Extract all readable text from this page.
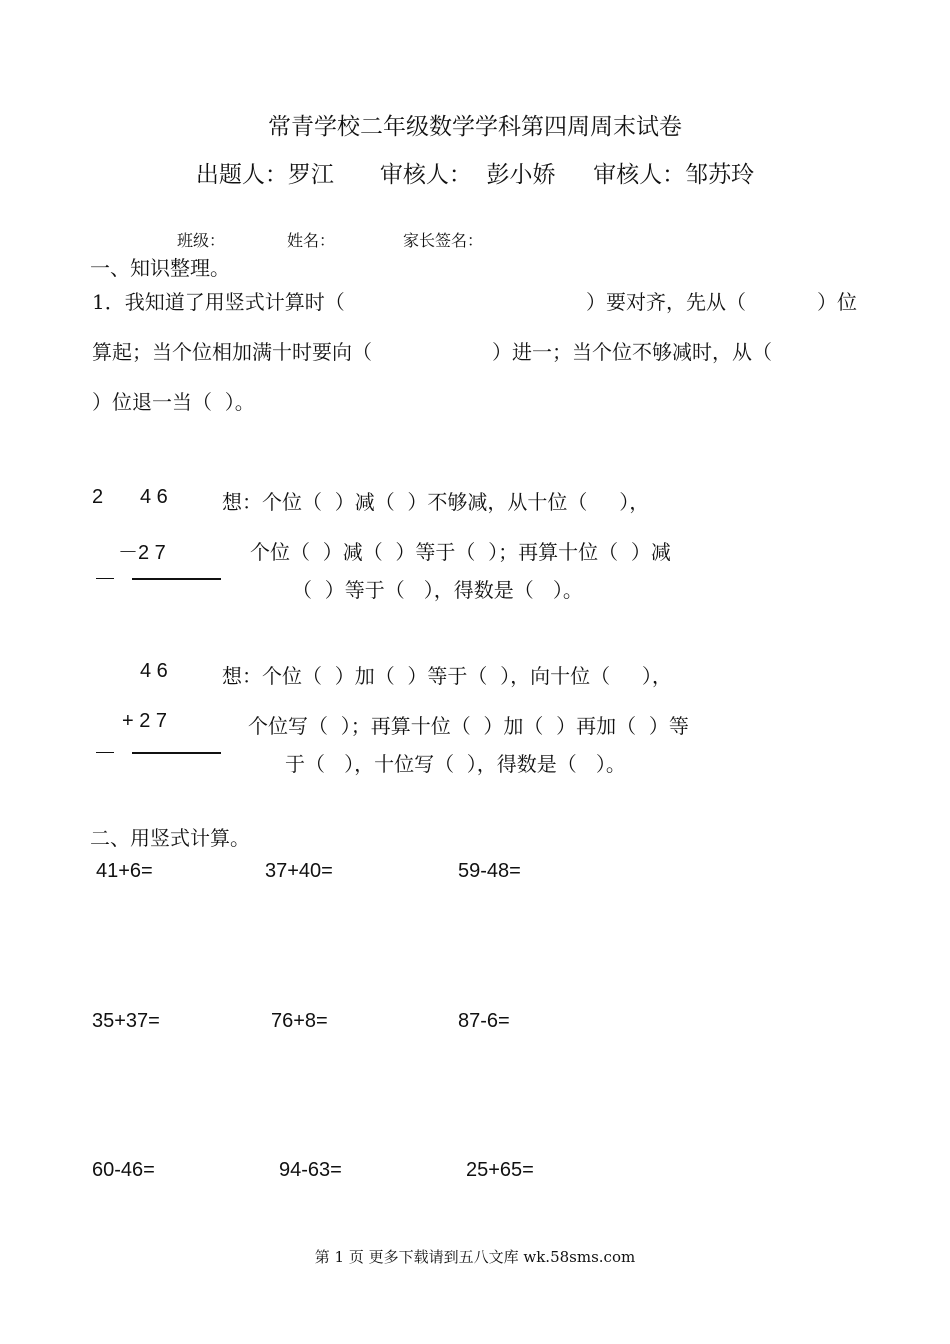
常青学校二年级数学学科第四周周末试卷
出题人：罗江　　审核人：  彭小娇　  审核人：邹苏玲
班级：	姓名：	家长签名：
一、知识整理。
1．我知道了用竖式计算时（	）要对齐，先从（	）位
算起；当个位相加满十时要向（	）进一；当个位不够减时，从（
）位退一当（  ）。
2 4 6	想：个位（  ）减（  ）不够减，从十位（     ），
－2 7	个位（  ）减（  ）等于（  ）；再算十位（  ）减
（  ）等于（   ），得数是（   ）。
4 6	想：个位（  ）加（  ）等于（  ），向十位（     ），
+ 2 7	个位写（  ）；再算十位（  ）加（  ）再加（  ）等
于（   ），十位写（  ），得数是（   ）。
二、用竖式计算。
41+6=	37+40=	59-48=
35+37=	76+8=	87-6=
60-46=	94-63=	25+65=
第 1 页 更多下载请到五八文库 wk.58sms.com
